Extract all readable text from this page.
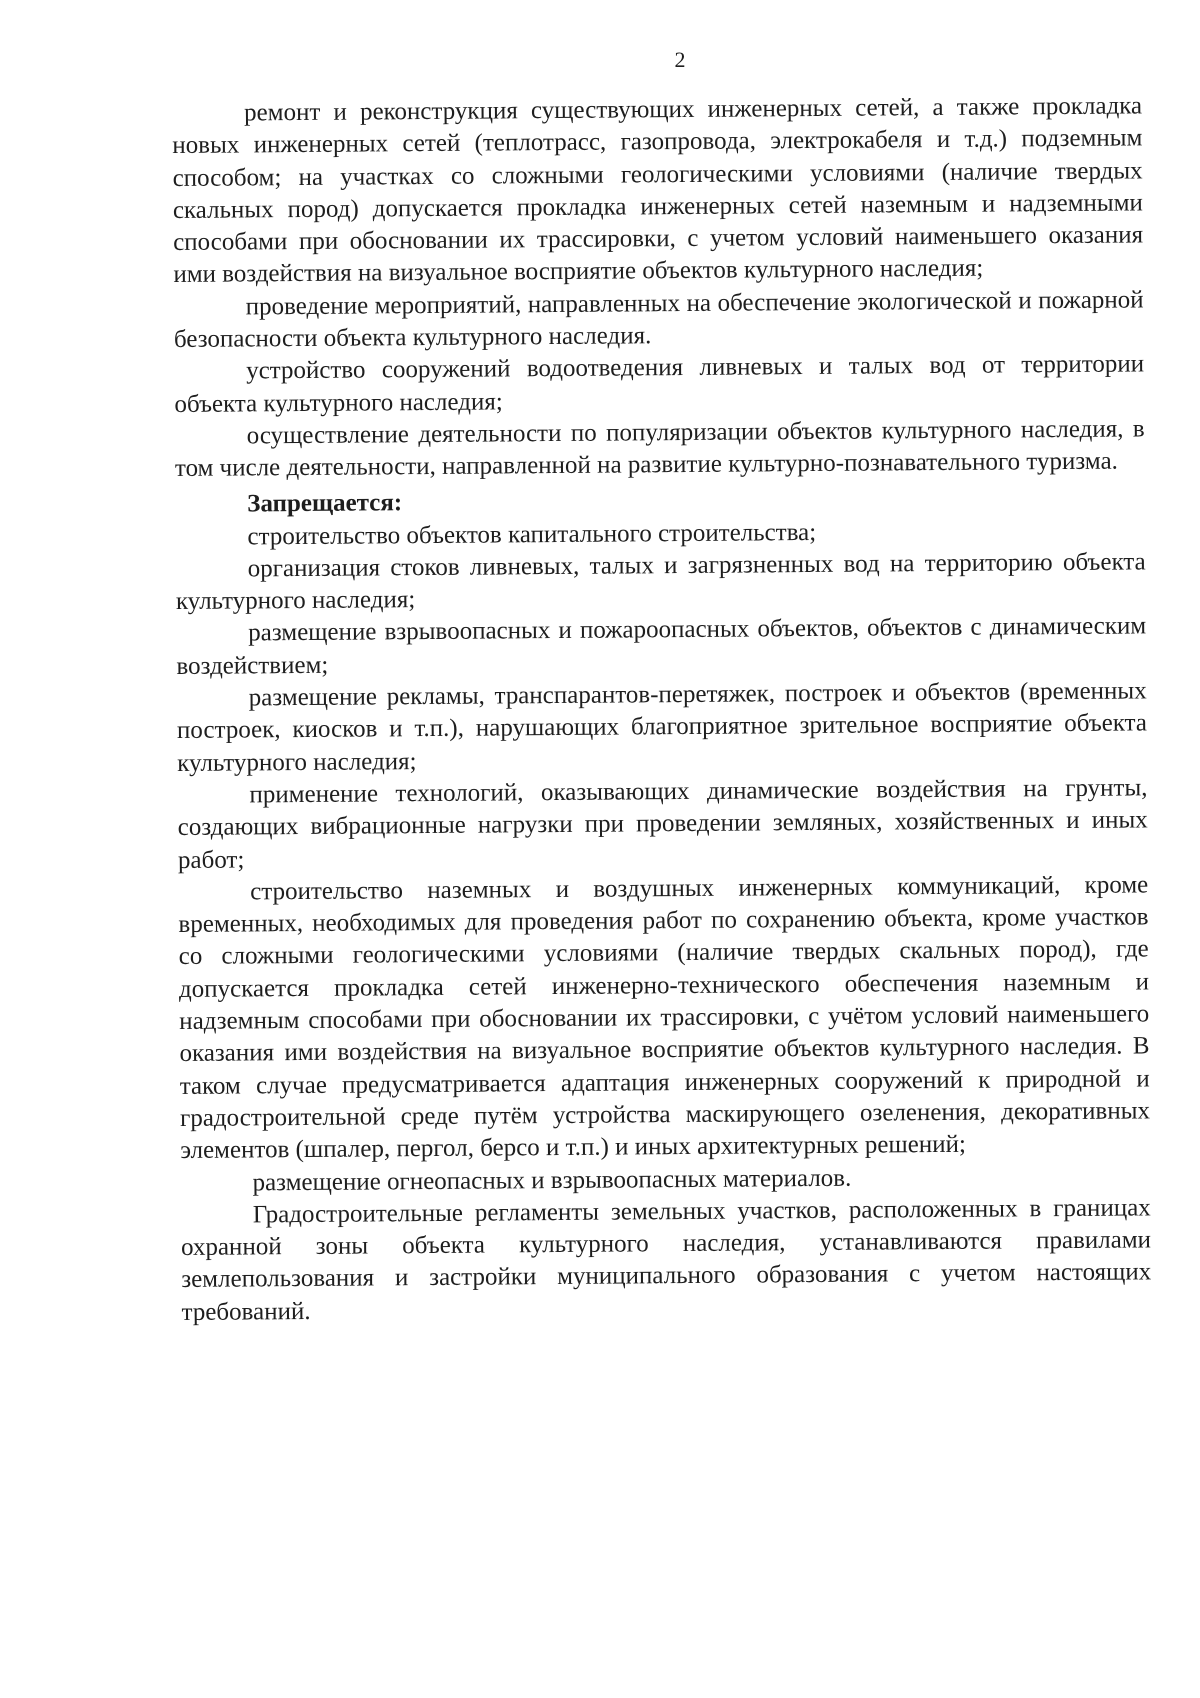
2

ремонт и реконструкция существующих инженерных сетей, а также прокладка новых инженерных сетей (теплотрасс, газопровода, электрокабеля и т.д.) подземным способом; на участках со сложными геологическими условиями (наличие твердых скальных пород) допускается прокладка инженерных сетей наземным и надземными способами при обосновании их трассировки, с учетом условий наименьшего оказания ими воздействия на визуальное восприятие объектов культурного наследия;

проведение мероприятий, направленных на обеспечение экологической и пожарной безопасности объекта культурного наследия.

устройство сооружений водоотведения ливневых и талых вод от территории объекта культурного наследия;

осуществление деятельности по популяризации объектов культурного наследия, в том числе деятельности, направленной на развитие культурно-познавательного туризма.

Запрещается:

строительство объектов капитального строительства;

организация стоков ливневых, талых и загрязненных вод на территорию объекта культурного наследия;

размещение взрывоопасных и пожароопасных объектов, объектов с динамическим воздействием;

размещение рекламы, транспарантов-перетяжек, построек и объектов (временных построек, киосков и т.п.), нарушающих благоприятное зрительное восприятие объекта культурного наследия;

применение технологий, оказывающих динамические воздействия на грунты, создающих вибрационные нагрузки при проведении земляных, хозяйственных и иных работ;

строительство наземных и воздушных инженерных коммуникаций, кроме временных, необходимых для проведения работ по сохранению объекта, кроме участков со сложными геологическими условиями (наличие твердых скальных пород), где допускается прокладка сетей инженерно-технического обеспечения наземным и надземным способами при обосновании их трассировки, с учётом условий наименьшего оказания ими воздействия на визуальное восприятие объектов культурного наследия. В таком случае предусматривается адаптация инженерных сооружений к природной и градостроительной среде путём устройства маскирующего озеленения, декоративных элементов (шпалер, пергол, берсо и т.п.) и иных архитектурных решений;

размещение огнеопасных и взрывоопасных материалов.

Градостроительные регламенты земельных участков, расположенных в границах охранной зоны объекта культурного наследия, устанавливаются правилами землепользования и застройки муниципального образования с учетом настоящих требований.
